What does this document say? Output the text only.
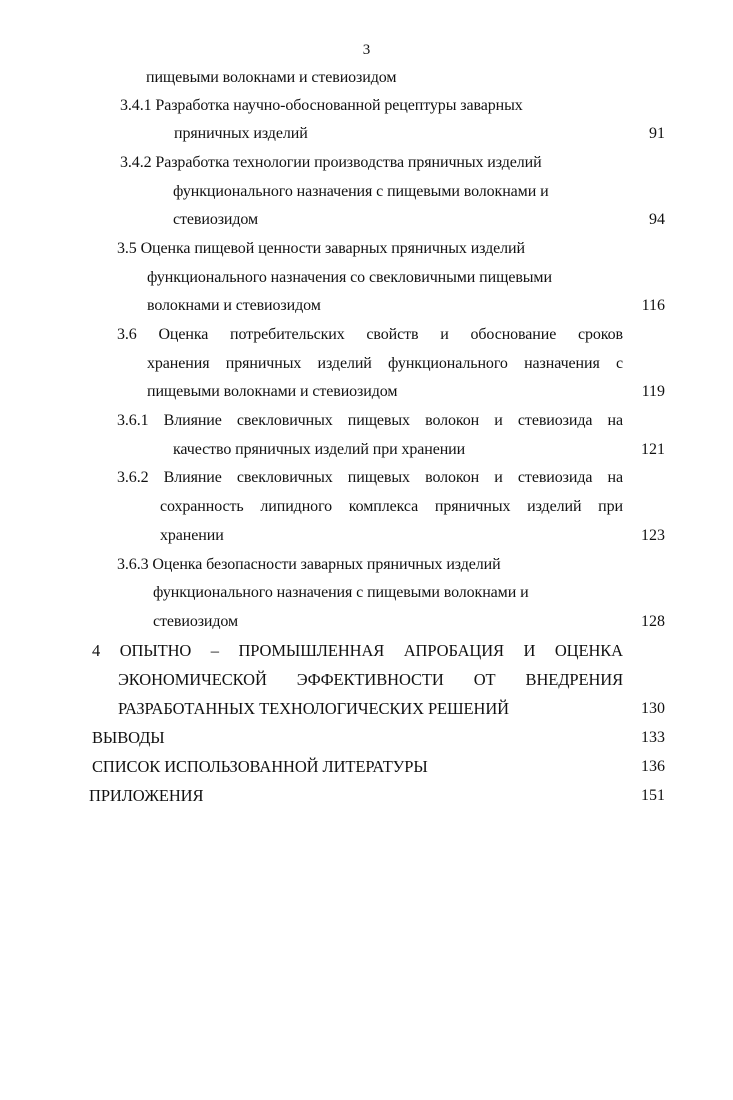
3
пищевыми волокнами и стевиозидом
3.4.1 Разработка научно-обоснованной рецептуры заварных
пряничных изделий	91
3.4.2 Разработка технологии производства пряничных изделий
функционального назначения с пищевыми волокнами и
стевиозидом	94
3.5 Оценка пищевой ценности заварных пряничных изделий
функционального назначения со свекловичными пищевыми
волокнами и стевиозидом	116
3.6 Оценка потребительских свойств и обоснование сроков
хранения пряничных изделий функционального назначения с
пищевыми волокнами и стевиозидом	119
3.6.1 Влияние свекловичных пищевых волокон и стевиозида на
качество пряничных изделий при хранении	121
3.6.2 Влияние свекловичных пищевых волокон и стевиозида на
сохранность липидного комплекса пряничных изделий при
хранении	123
3.6.3 Оценка безопасности заварных пряничных изделий
функционального назначения с пищевыми волокнами и
стевиозидом	128
4 ОПЫТНО – ПРОМЫШЛЕННАЯ АПРОБАЦИЯ И ОЦЕНКА
ЭКОНОМИЧЕСКОЙ ЭФФЕКТИВНОСТИ ОТ ВНЕДРЕНИЯ
РАЗРАБОТАННЫХ ТЕХНОЛОГИЧЕСКИХ РЕШЕНИЙ	130
ВЫВОДЫ	133
СПИСОК ИСПОЛЬЗОВАННОЙ ЛИТЕРАТУРЫ	136
ПРИЛОЖЕНИЯ	151
